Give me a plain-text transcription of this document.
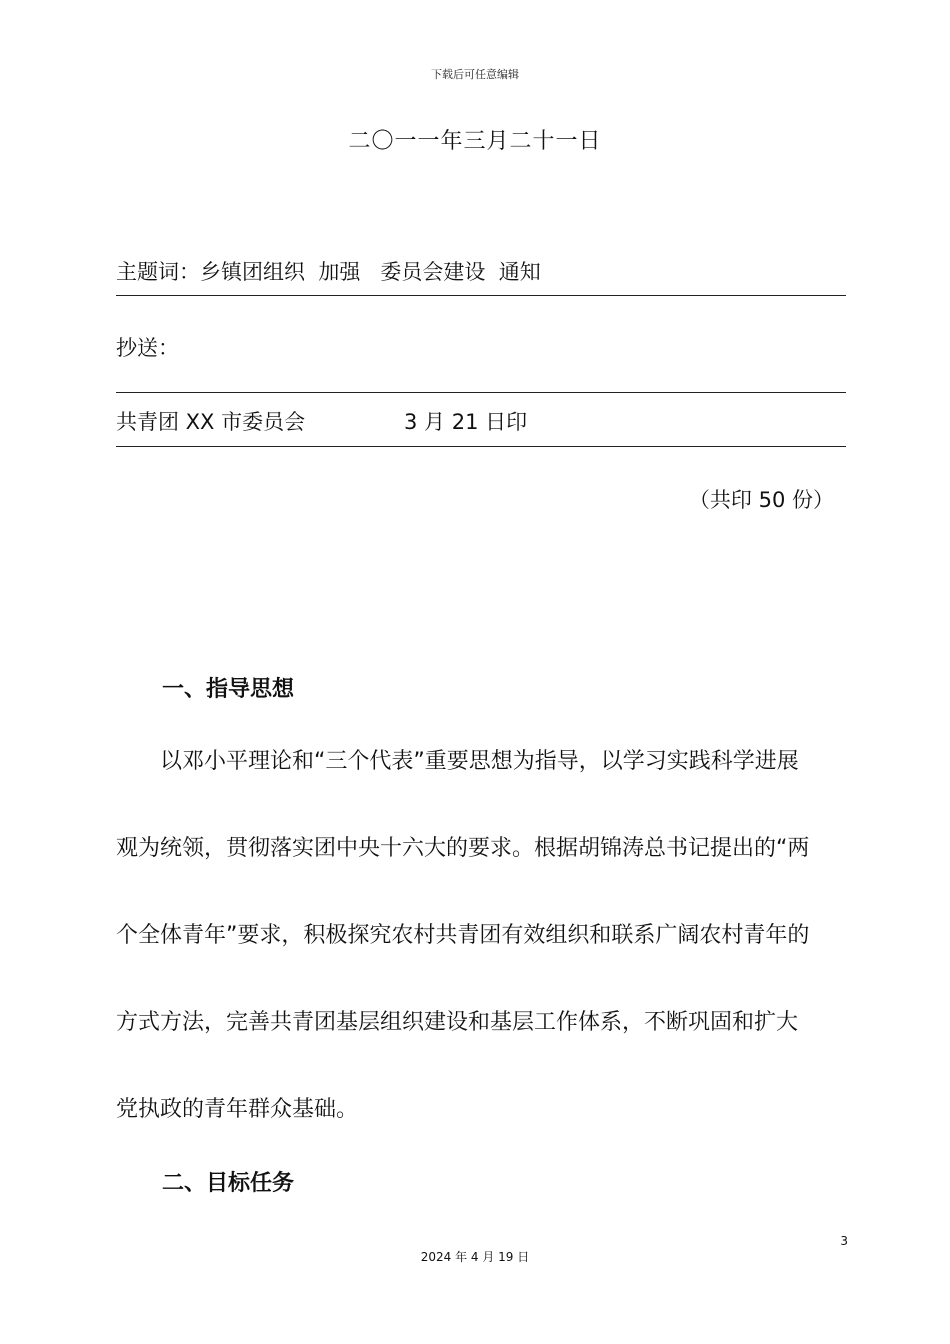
下载后可任意编辑
二〇一一年三月二十一日
主题词：乡镇团组织  加强   委员会建设  通知
抄送：
共青团 XX 市委员会	3 月 21 日印
（共印 50 份）
一、指导思想
以邓小平理论和“三个代表”重要思想为指导，以学习实践科学进展
观为统领，贯彻落实团中央十六大的要求。根据胡锦涛总书记提出的“两
个全体青年”要求，积极探究农村共青团有效组织和联系广阔农村青年的
方式方法，完善共青团基层组织建设和基层工作体系，不断巩固和扩大
党执政的青年群众基础。
二、目标任务
3
2024 年 4 月 19 日
